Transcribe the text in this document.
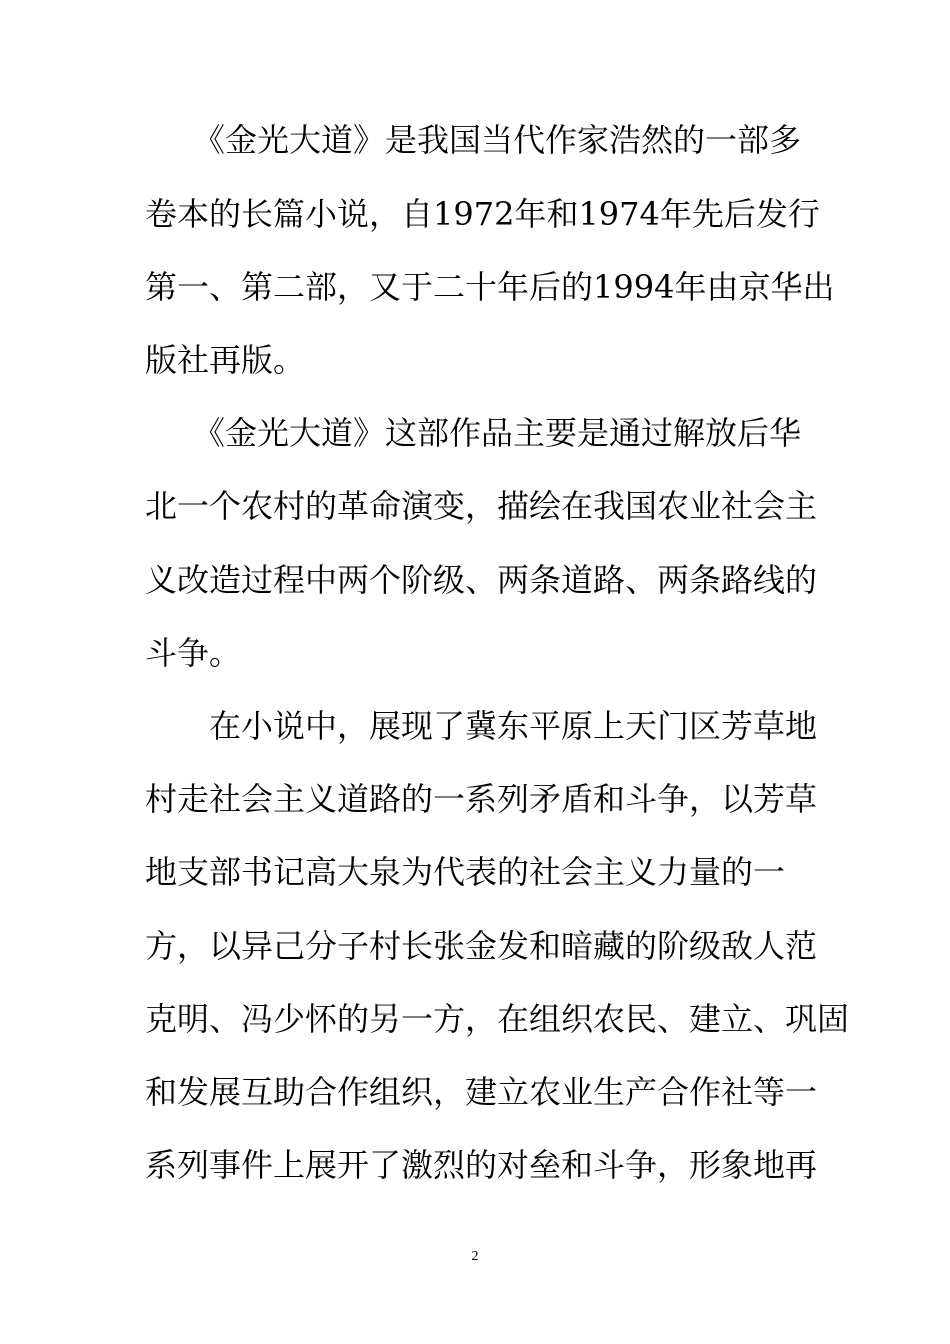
　　《金光大道》是我国当代作家浩然的一部多
卷本的长篇小说，自1972年和1974年先后发行
第一、第二部，又于二十年后的1994年由京华出
版社再版。
　　《金光大道》这部作品主要是通过解放后华
北一个农村的革命演变，描绘在我国农业社会主
义改造过程中两个阶级、两条道路、两条路线的
斗争。
　　在小说中，展现了冀东平原上天门区芳草地
村走社会主义道路的一系列矛盾和斗争，以芳草
地支部书记高大泉为代表的社会主义力量的一
方，以异己分子村长张金发和暗藏的阶级敌人范
克明、冯少怀的另一方，在组织农民、建立、巩固
和发展互助合作组织，建立农业生产合作社等一
系列事件上展开了激烈的对垒和斗争，形象地再
2
